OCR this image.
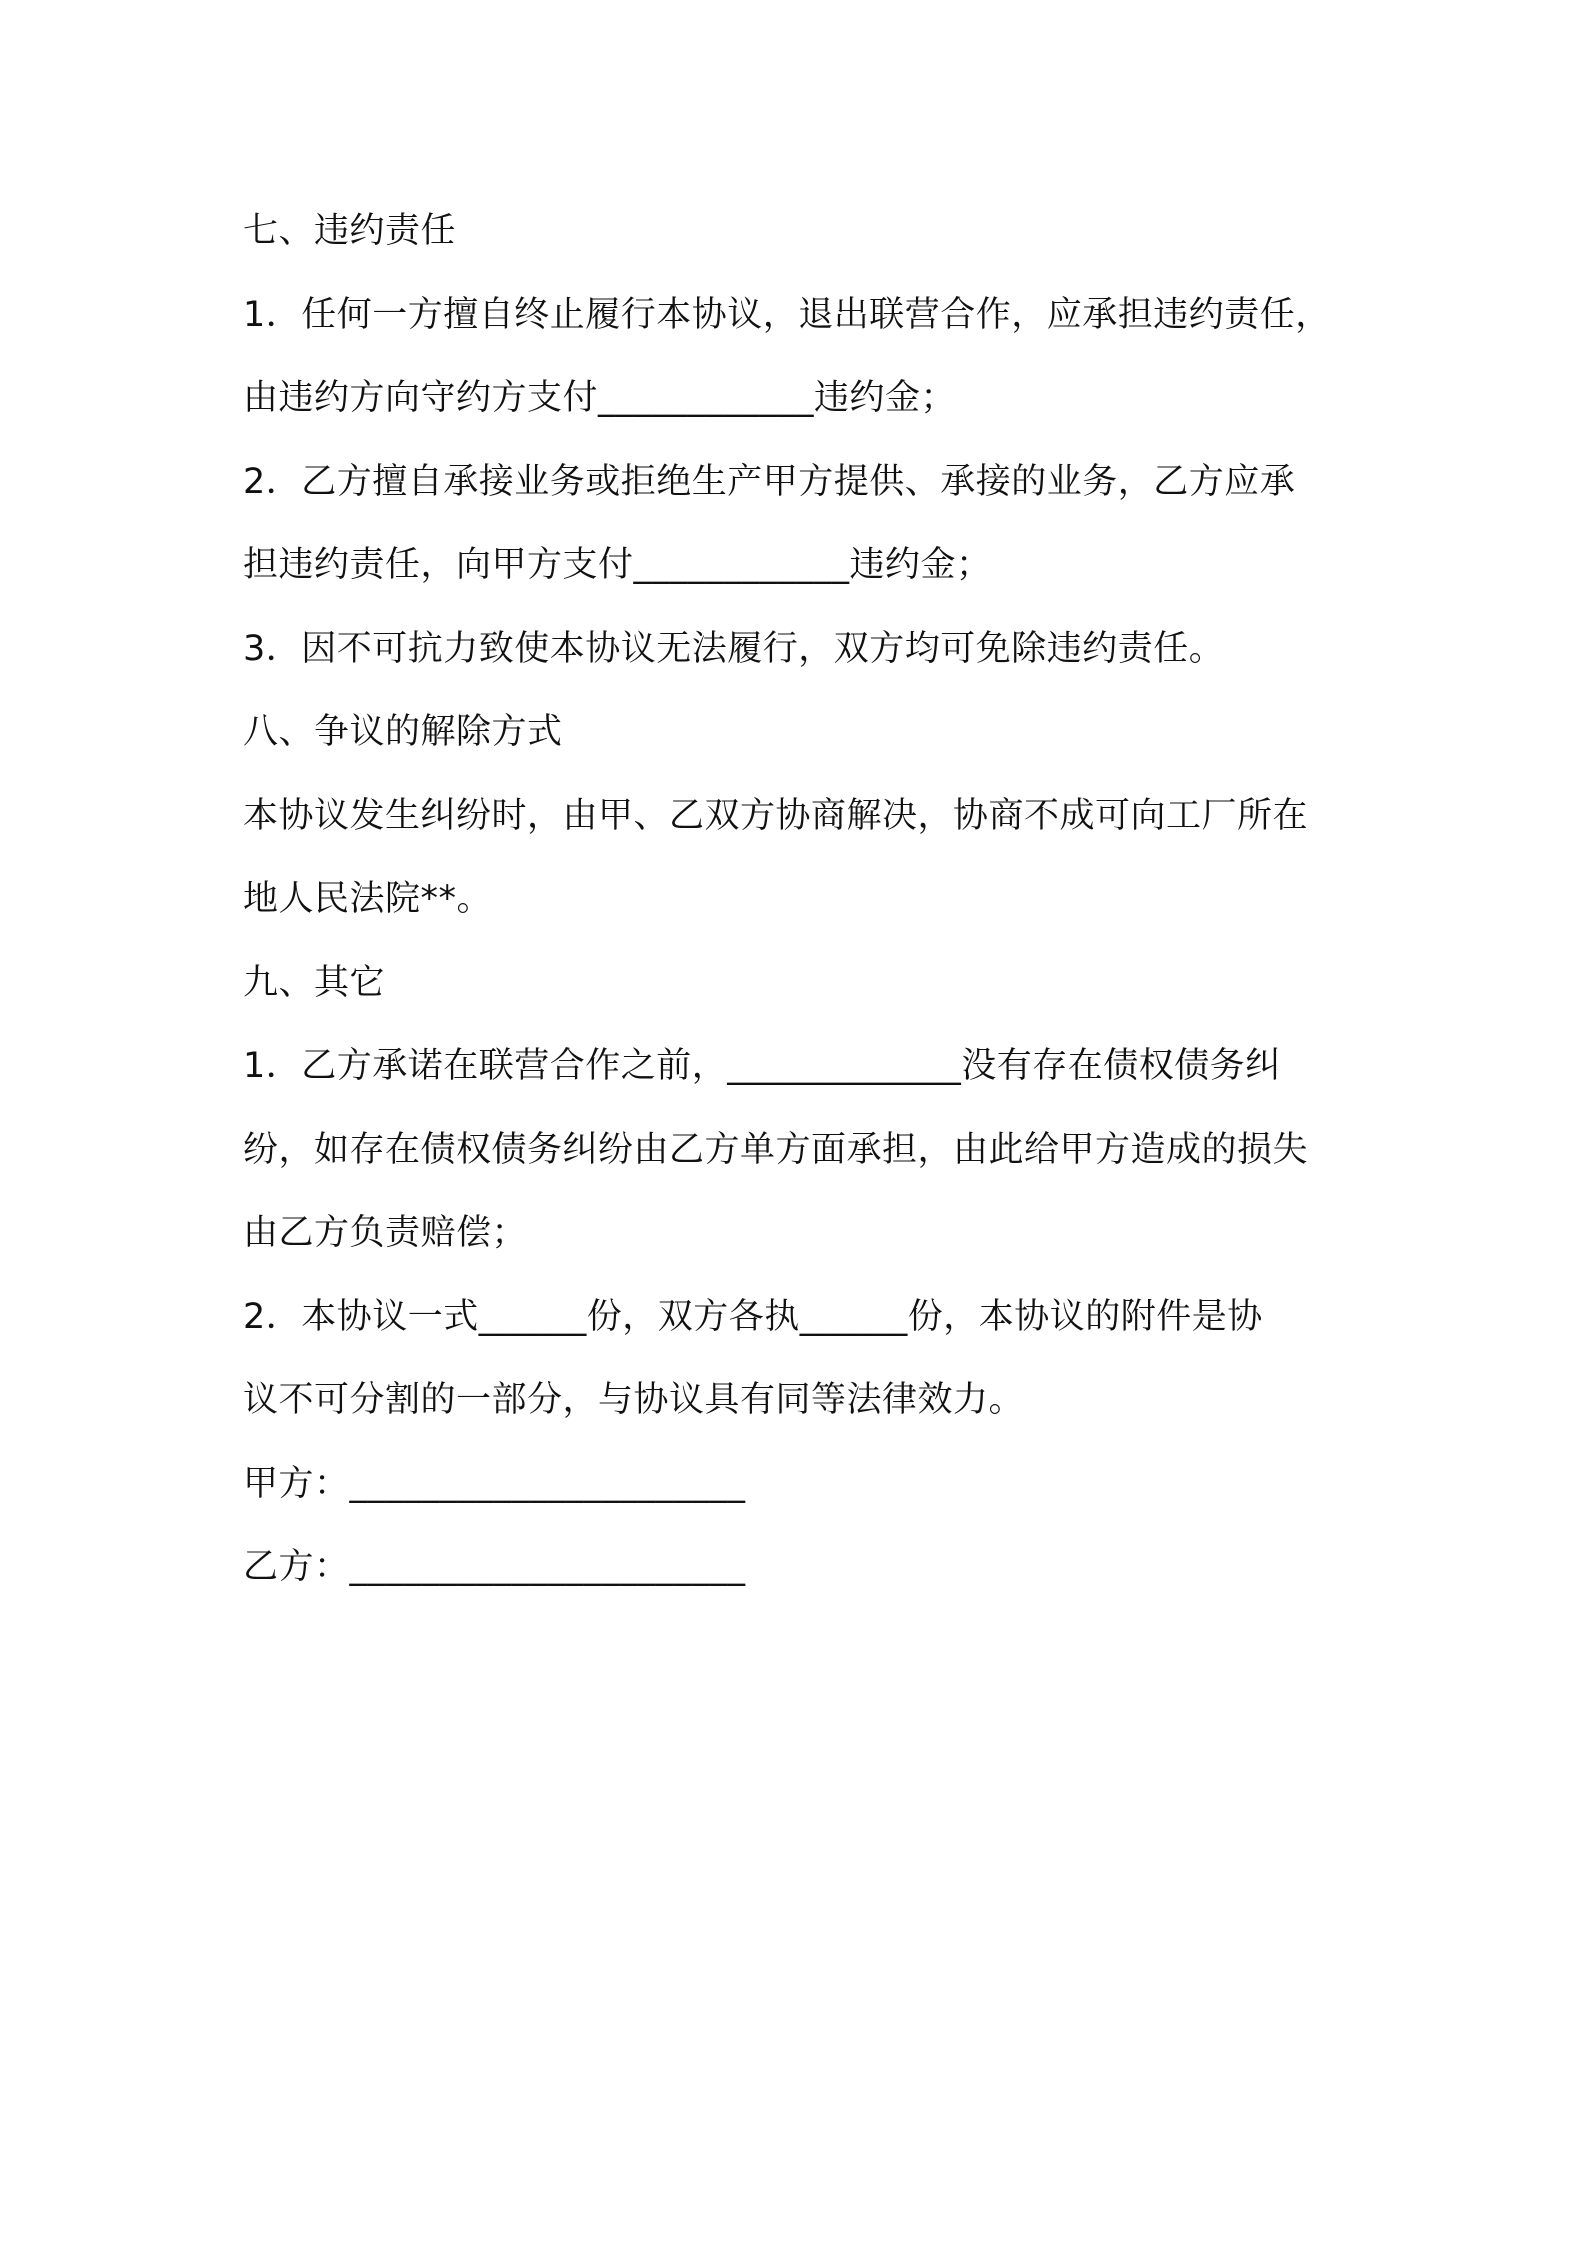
七、违约责任
1．任何一方擅自终止履行本协议，退出联营合作，应承担违约责任，
由违约方向守约方支付____________违约金；
2．乙方擅自承接业务或拒绝生产甲方提供、承接的业务，乙方应承
担违约责任，向甲方支付____________违约金；
3．因不可抗力致使本协议无法履行，双方均可免除违约责任。
八、争议的解除方式
本协议发生纠纷时，由甲、乙双方协商解决，协商不成可向工厂所在
地人民法院**。
九、其它
1．乙方承诺在联营合作之前，_____________没有存在债权债务纠
纷，如存在债权债务纠纷由乙方单方面承担，由此给甲方造成的损失
由乙方负责赔偿；
2．本协议一式______份，双方各执______份，本协议的附件是协
议不可分割的一部分，与协议具有同等法律效力。
甲方：______________________
乙方：______________________
